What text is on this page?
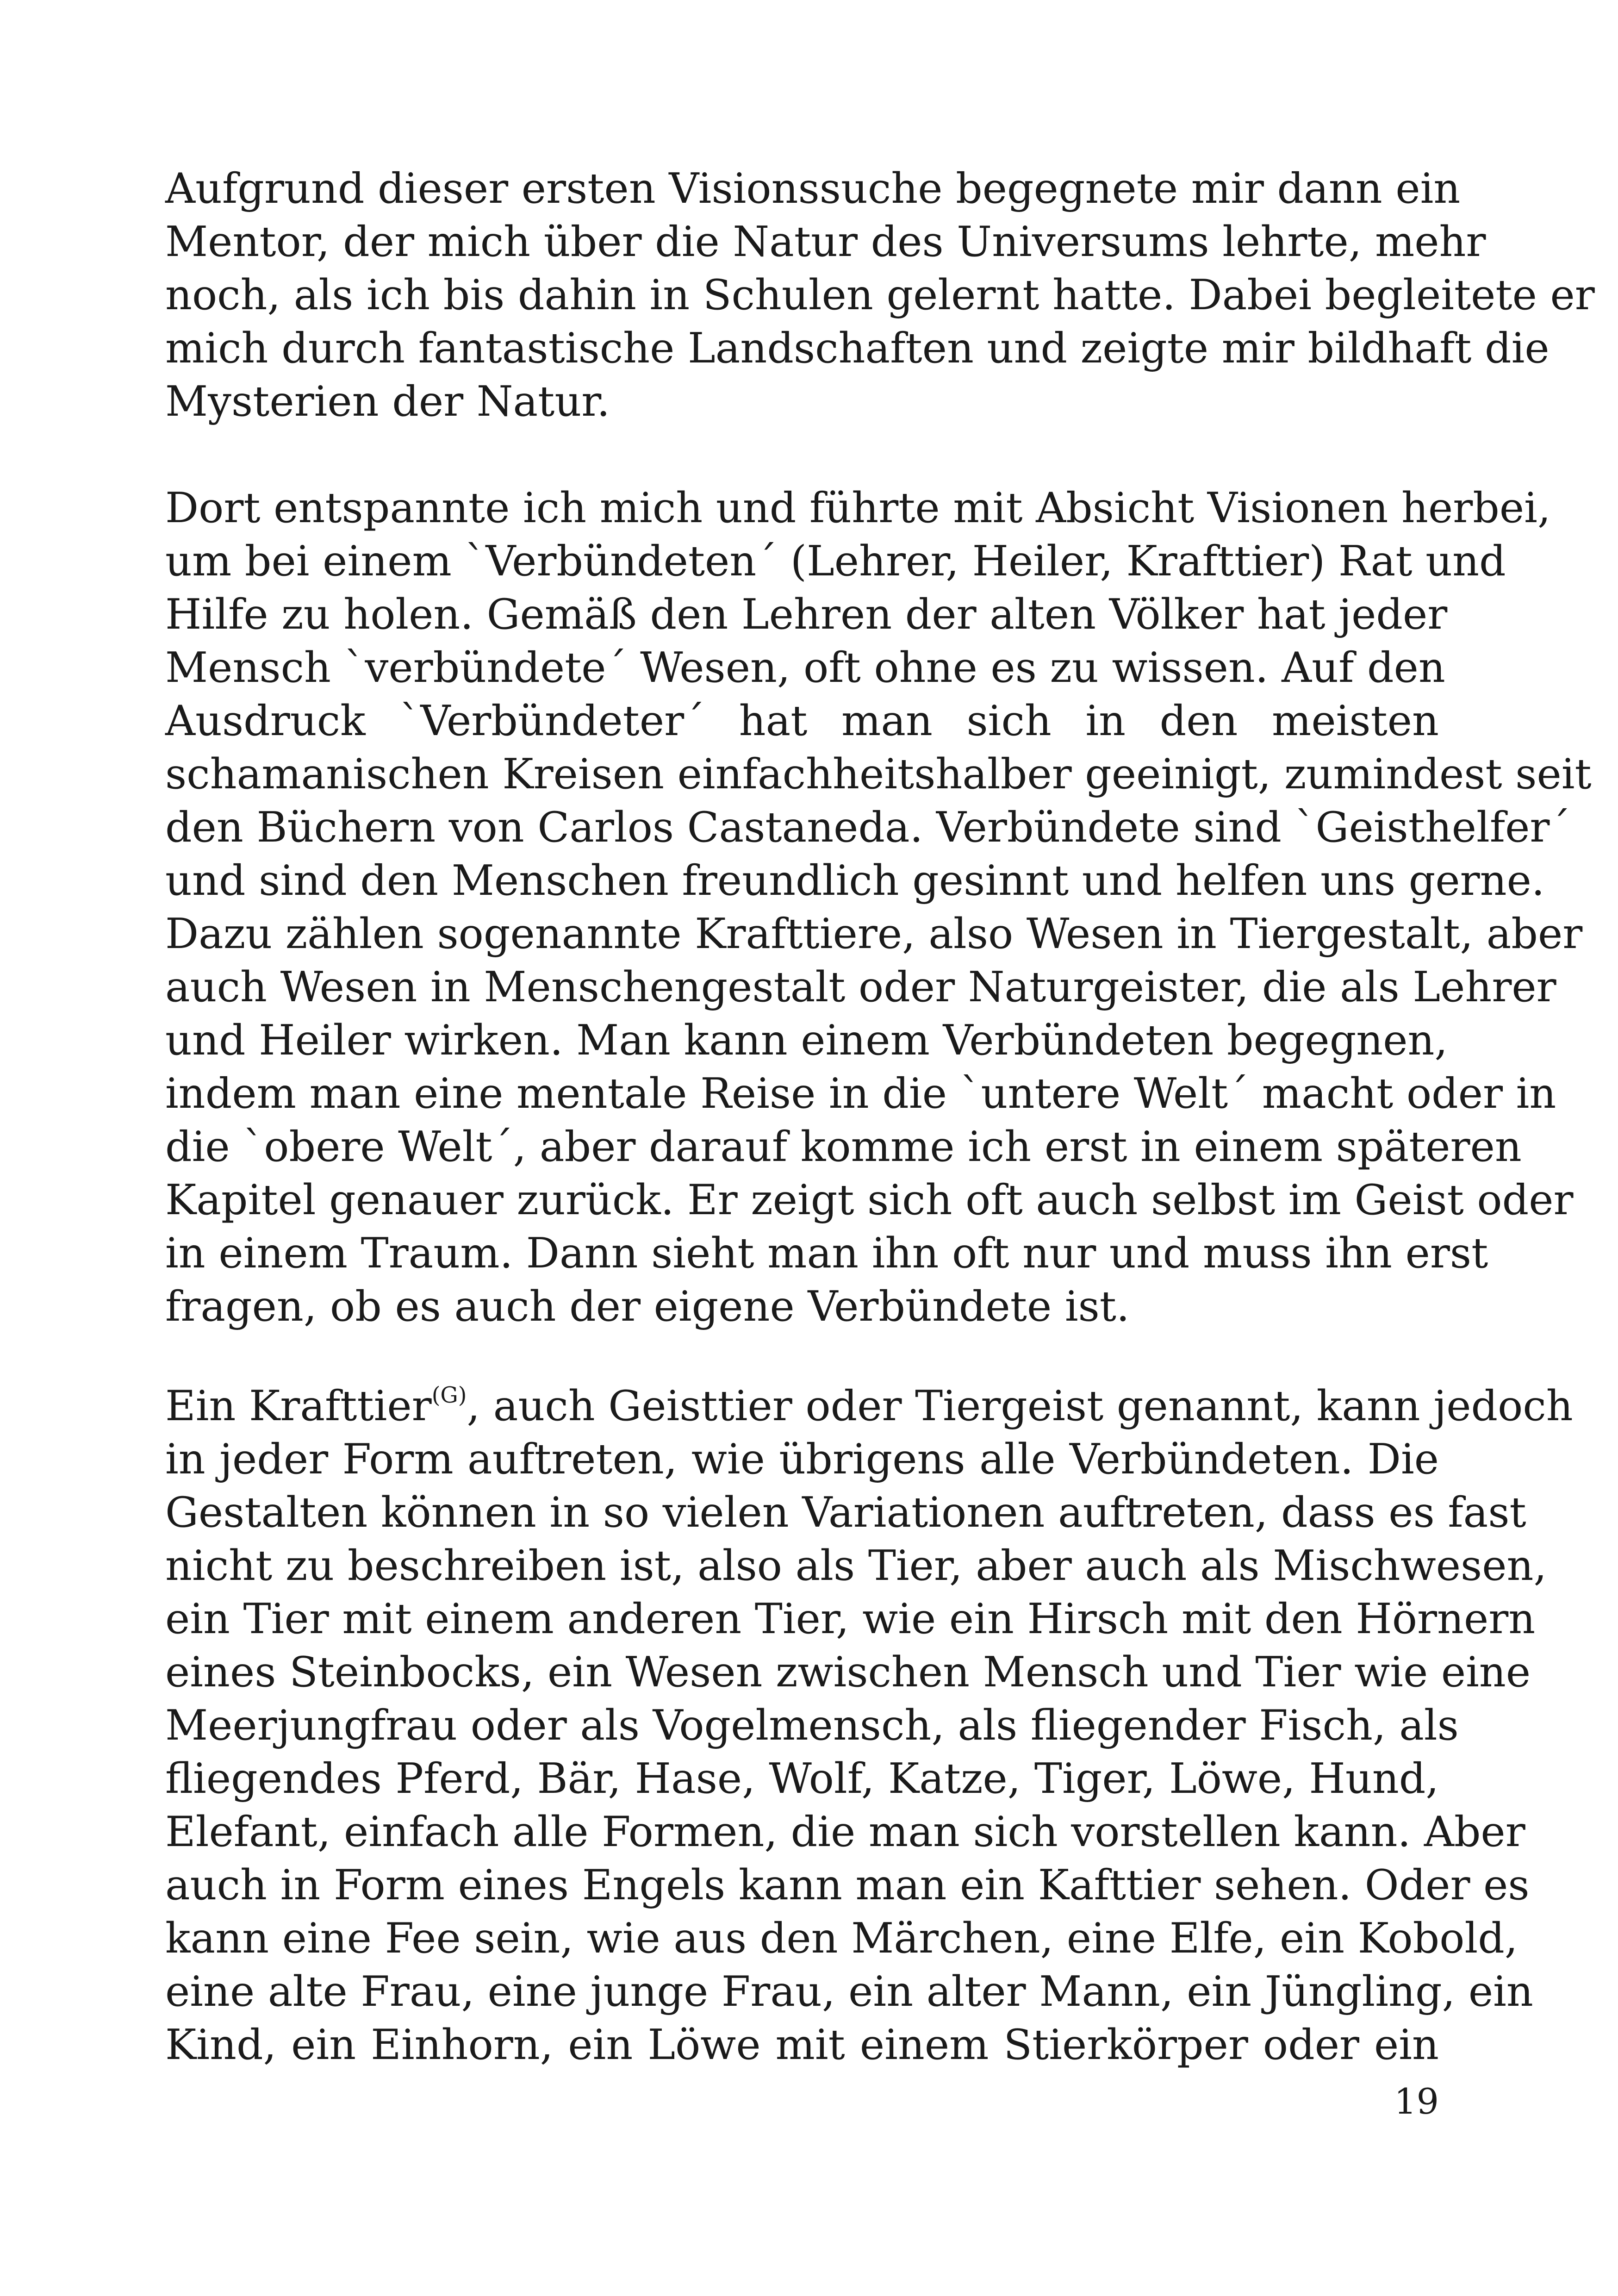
Aufgrund dieser ersten Visionssuche begegnete mir dann ein
Mentor, der mich über die Natur des Universums lehrte, mehr
noch, als ich bis dahin in Schulen gelernt hatte. Dabei begleitete er
mich durch fantastische Landschaften und zeigte mir bildhaft die
Mysterien der Natur.
Dort entspannte ich mich und führte mit Absicht Visionen herbei,
um bei einem `Verbündeten´ (Lehrer, Heiler, Krafttier) Rat und
Hilfe zu holen. Gemäß den Lehren der alten Völker hat jeder
Mensch `verbündete´ Wesen, oft ohne es zu wissen. Auf den
Ausdruck `Verbündeter´ hat man sich in den meisten
schamanischen Kreisen einfachheitshalber geeinigt, zumindest seit
den Büchern von Carlos Castaneda. Verbündete sind `Geisthelfer´
und sind den Menschen freundlich gesinnt und helfen uns gerne.
Dazu zählen sogenannte Krafttiere, also Wesen in Tiergestalt, aber
auch Wesen in Menschengestalt oder Naturgeister, die als Lehrer
und Heiler wirken. Man kann einem Verbündeten begegnen,
indem man eine mentale Reise in die `untere Welt´ macht oder in
die `obere Welt´, aber darauf komme ich erst in einem späteren
Kapitel genauer zurück. Er zeigt sich oft auch selbst im Geist oder
in einem Traum. Dann sieht man ihn oft nur und muss ihn erst
fragen, ob es auch der eigene Verbündete ist.
Ein Krafttier$^{(G)}$, auch Geisttier oder Tiergeist genannt, kann jedoch
in jeder Form auftreten, wie übrigens alle Verbündeten. Die
Gestalten können in so vielen Variationen auftreten, dass es fast
nicht zu beschreiben ist, also als Tier, aber auch als Mischwesen,
ein Tier mit einem anderen Tier, wie ein Hirsch mit den Hörnern
eines Steinbocks, ein Wesen zwischen Mensch und Tier wie eine
Meerjungfrau oder als Vogelmensch, als fliegender Fisch, als
fliegendes Pferd, Bär, Hase, Wolf, Katze, Tiger, Löwe, Hund,
Elefant, einfach alle Formen, die man sich vorstellen kann. Aber
auch in Form eines Engels kann man ein Kafttier sehen. Oder es
kann eine Fee sein, wie aus den Märchen, eine Elfe, ein Kobold,
eine alte Frau, eine junge Frau, ein alter Mann, ein Jüngling, ein
Kind, ein Einhorn, ein Löwe mit einem Stierkörper oder ein
19
